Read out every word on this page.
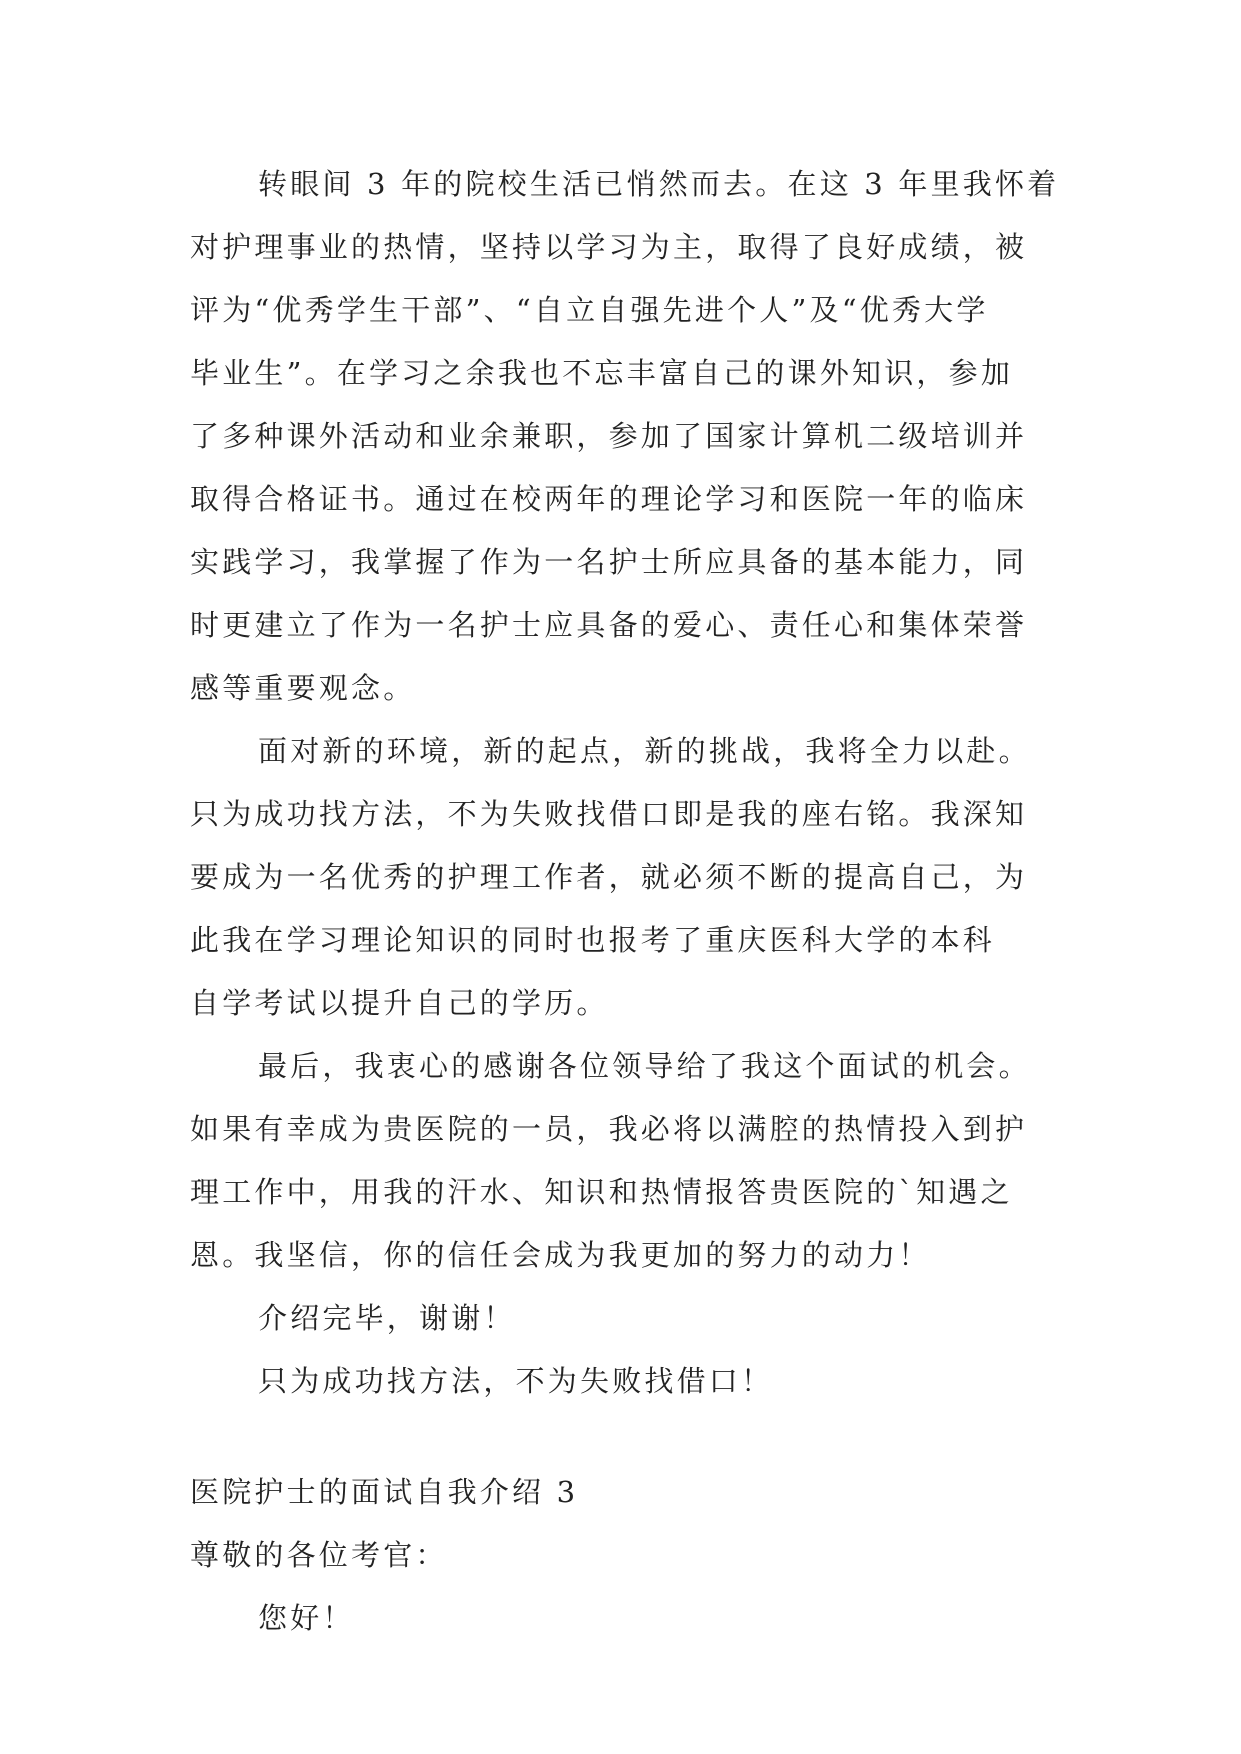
转眼间 3 年的院校生活已悄然而去。在这 3 年里我怀着
对护理事业的热情，坚持以学习为主，取得了良好成绩，被
评为“优秀学生干部”、“自立自强先进个人”及“优秀大学
毕业生”。在学习之余我也不忘丰富自己的课外知识，参加
了多种课外活动和业余兼职，参加了国家计算机二级培训并
取得合格证书。通过在校两年的理论学习和医院一年的临床
实践学习，我掌握了作为一名护士所应具备的基本能力，同
时更建立了作为一名护士应具备的爱心、责任心和集体荣誉
感等重要观念。
面对新的环境，新的起点，新的挑战，我将全力以赴。
只为成功找方法，不为失败找借口即是我的座右铭。我深知
要成为一名优秀的护理工作者，就必须不断的提高自己，为
此我在学习理论知识的同时也报考了重庆医科大学的本科
自学考试以提升自己的学历。
最后，我衷心的感谢各位领导给了我这个面试的机会。
如果有幸成为贵医院的一员，我必将以满腔的热情投入到护
理工作中，用我的汗水、知识和热情报答贵医院的`知遇之
恩。我坚信，你的信任会成为我更加的努力的动力！
介绍完毕，谢谢！
只为成功找方法，不为失败找借口！
医院护士的面试自我介绍 3
尊敬的各位考官：
您好！
